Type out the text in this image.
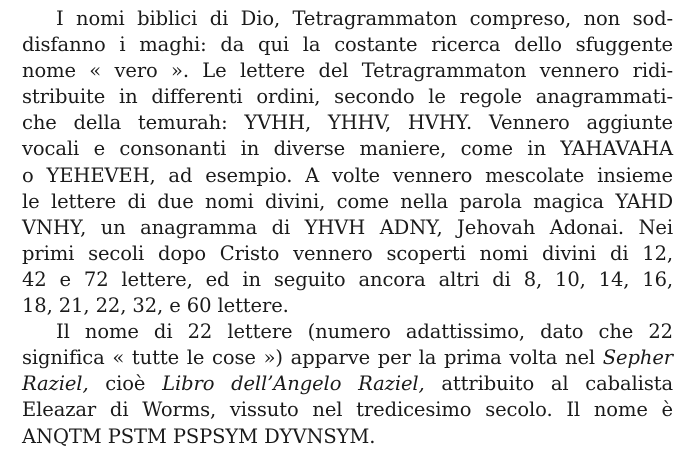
I nomi biblici di Dio, Tetragrammaton compreso, non sod-
disfanno i maghi: da qui la costante ricerca dello sfuggente
nome « vero ». Le lettere del Tetragrammaton vennero ridi-
stribuite in differenti ordini, secondo le regole anagrammati-
che della temurah: YVHH, YHHV, HVHY. Vennero aggiunte
vocali e consonanti in diverse maniere, come in YAHAVAHA
o YEHEVEH, ad esempio. A volte vennero mescolate insieme
le lettere di due nomi divini, come nella parola magica YAHD
VNHY, un anagramma di YHVH ADNY, Jehovah Adonai. Nei
primi secoli dopo Cristo vennero scoperti nomi divini di 12,
42 e 72 lettere, ed in seguito ancora altri di 8, 10, 14, 16,
18, 21, 22, 32, e 60 lettere.
Il nome di 22 lettere (numero adattissimo, dato che 22
significa « tutte le cose ») apparve per la prima volta nel Sepher
Raziel, cioè Libro dell’Angelo Raziel, attribuito al cabalista
Eleazar di Worms, vissuto nel tredicesimo secolo. Il nome è
ANQTM PSTM PSPSYM DYVNSYM.
